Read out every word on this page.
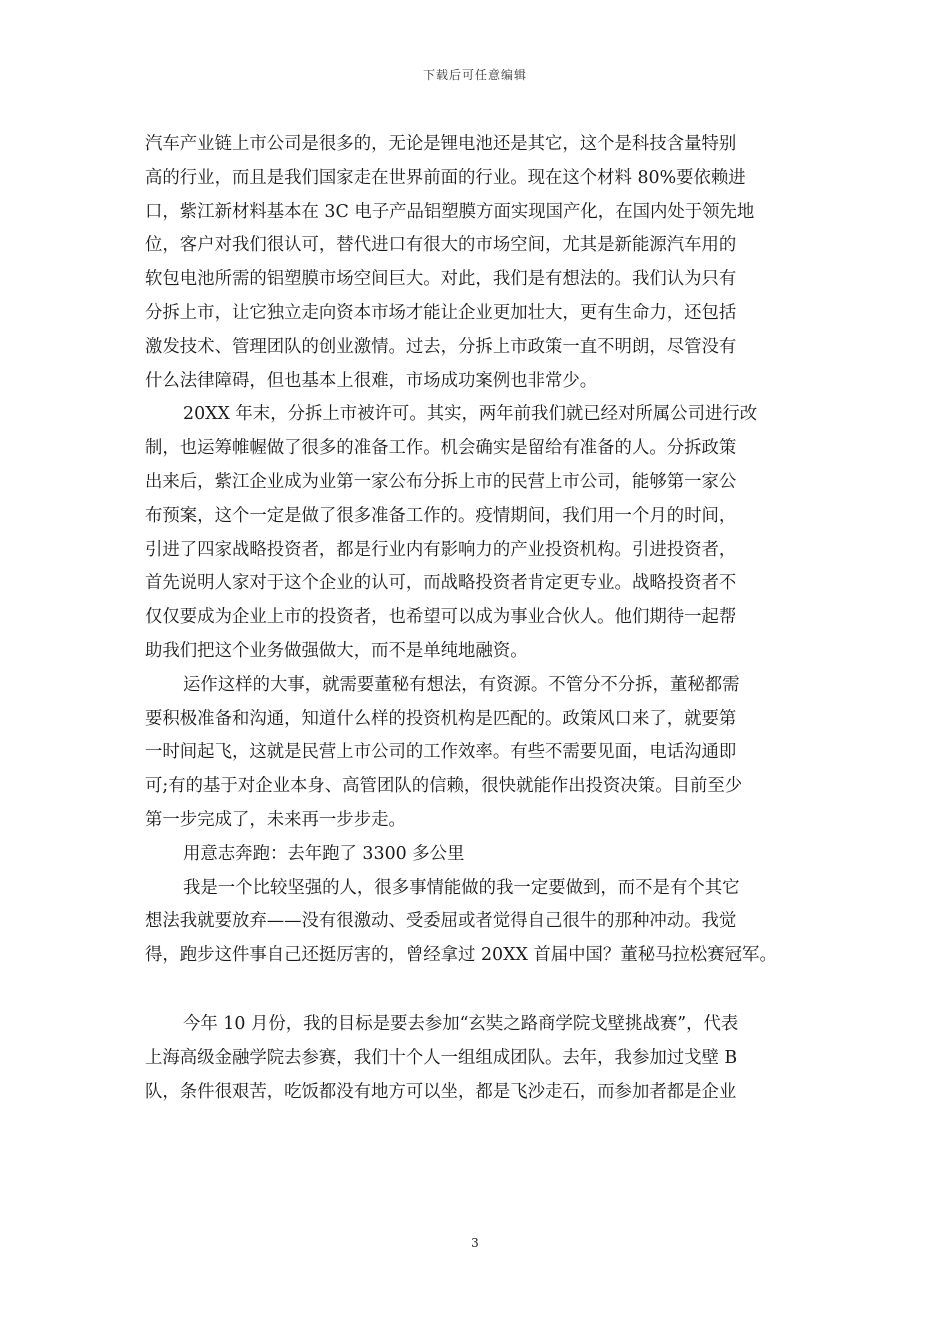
下载后可任意编辑
汽车产业链上市公司是很多的，无论是锂电池还是其它，这个是科技含量特别
高的行业，而且是我们国家走在世界前面的行业。现在这个材料 80%要依赖进
口，紫江新材料基本在 3C 电子产品铝塑膜方面实现国产化，在国内处于领先地
位，客户对我们很认可，替代进口有很大的市场空间，尤其是新能源汽车用的
软包电池所需的铝塑膜市场空间巨大。对此，我们是有想法的。我们认为只有
分拆上市，让它独立走向资本市场才能让企业更加壮大，更有生命力，还包括
激发技术、管理团队的创业激情。过去，分拆上市政策一直不明朗，尽管没有
什么法律障碍，但也基本上很难，市场成功案例也非常少。
20XX 年末，分拆上市被许可。其实，两年前我们就已经对所属公司进行改
制，也运筹帷幄做了很多的准备工作。机会确实是留给有准备的人。分拆政策
出来后，紫江企业成为业第一家公布分拆上市的民营上市公司，能够第一家公
布预案，这个一定是做了很多准备工作的。疫情期间，我们用一个月的时间，
引进了四家战略投资者，都是行业内有影响力的产业投资机构。引进投资者，
首先说明人家对于这个企业的认可，而战略投资者肯定更专业。战略投资者不
仅仅要成为企业上市的投资者，也希望可以成为事业合伙人。他们期待一起帮
助我们把这个业务做强做大，而不是单纯地融资。
运作这样的大事，就需要董秘有想法，有资源。不管分不分拆，董秘都需
要积极准备和沟通，知道什么样的投资机构是匹配的。政策风口来了，就要第
一时间起飞，这就是民营上市公司的工作效率。有些不需要见面，电话沟通即
可;有的基于对企业本身、高管团队的信赖，很快就能作出投资决策。目前至少
第一步完成了，未来再一步步走。
用意志奔跑：去年跑了 3300 多公里
我是一个比较坚强的人，很多事情能做的我一定要做到，而不是有个其它
想法我就要放弃——没有很激动、受委屈或者觉得自己很牛的那种冲动。我觉
得，跑步这件事自己还挺厉害的，曾经拿过 20XX 首届中国？董秘马拉松赛冠军。
今年 10 月份，我的目标是要去参加“玄奘之路商学院戈壁挑战赛”，代表
上海高级金融学院去参赛，我们十个人一组组成团队。去年，我参加过戈壁 B
队，条件很艰苦，吃饭都没有地方可以坐，都是飞沙走石，而参加者都是企业
3
